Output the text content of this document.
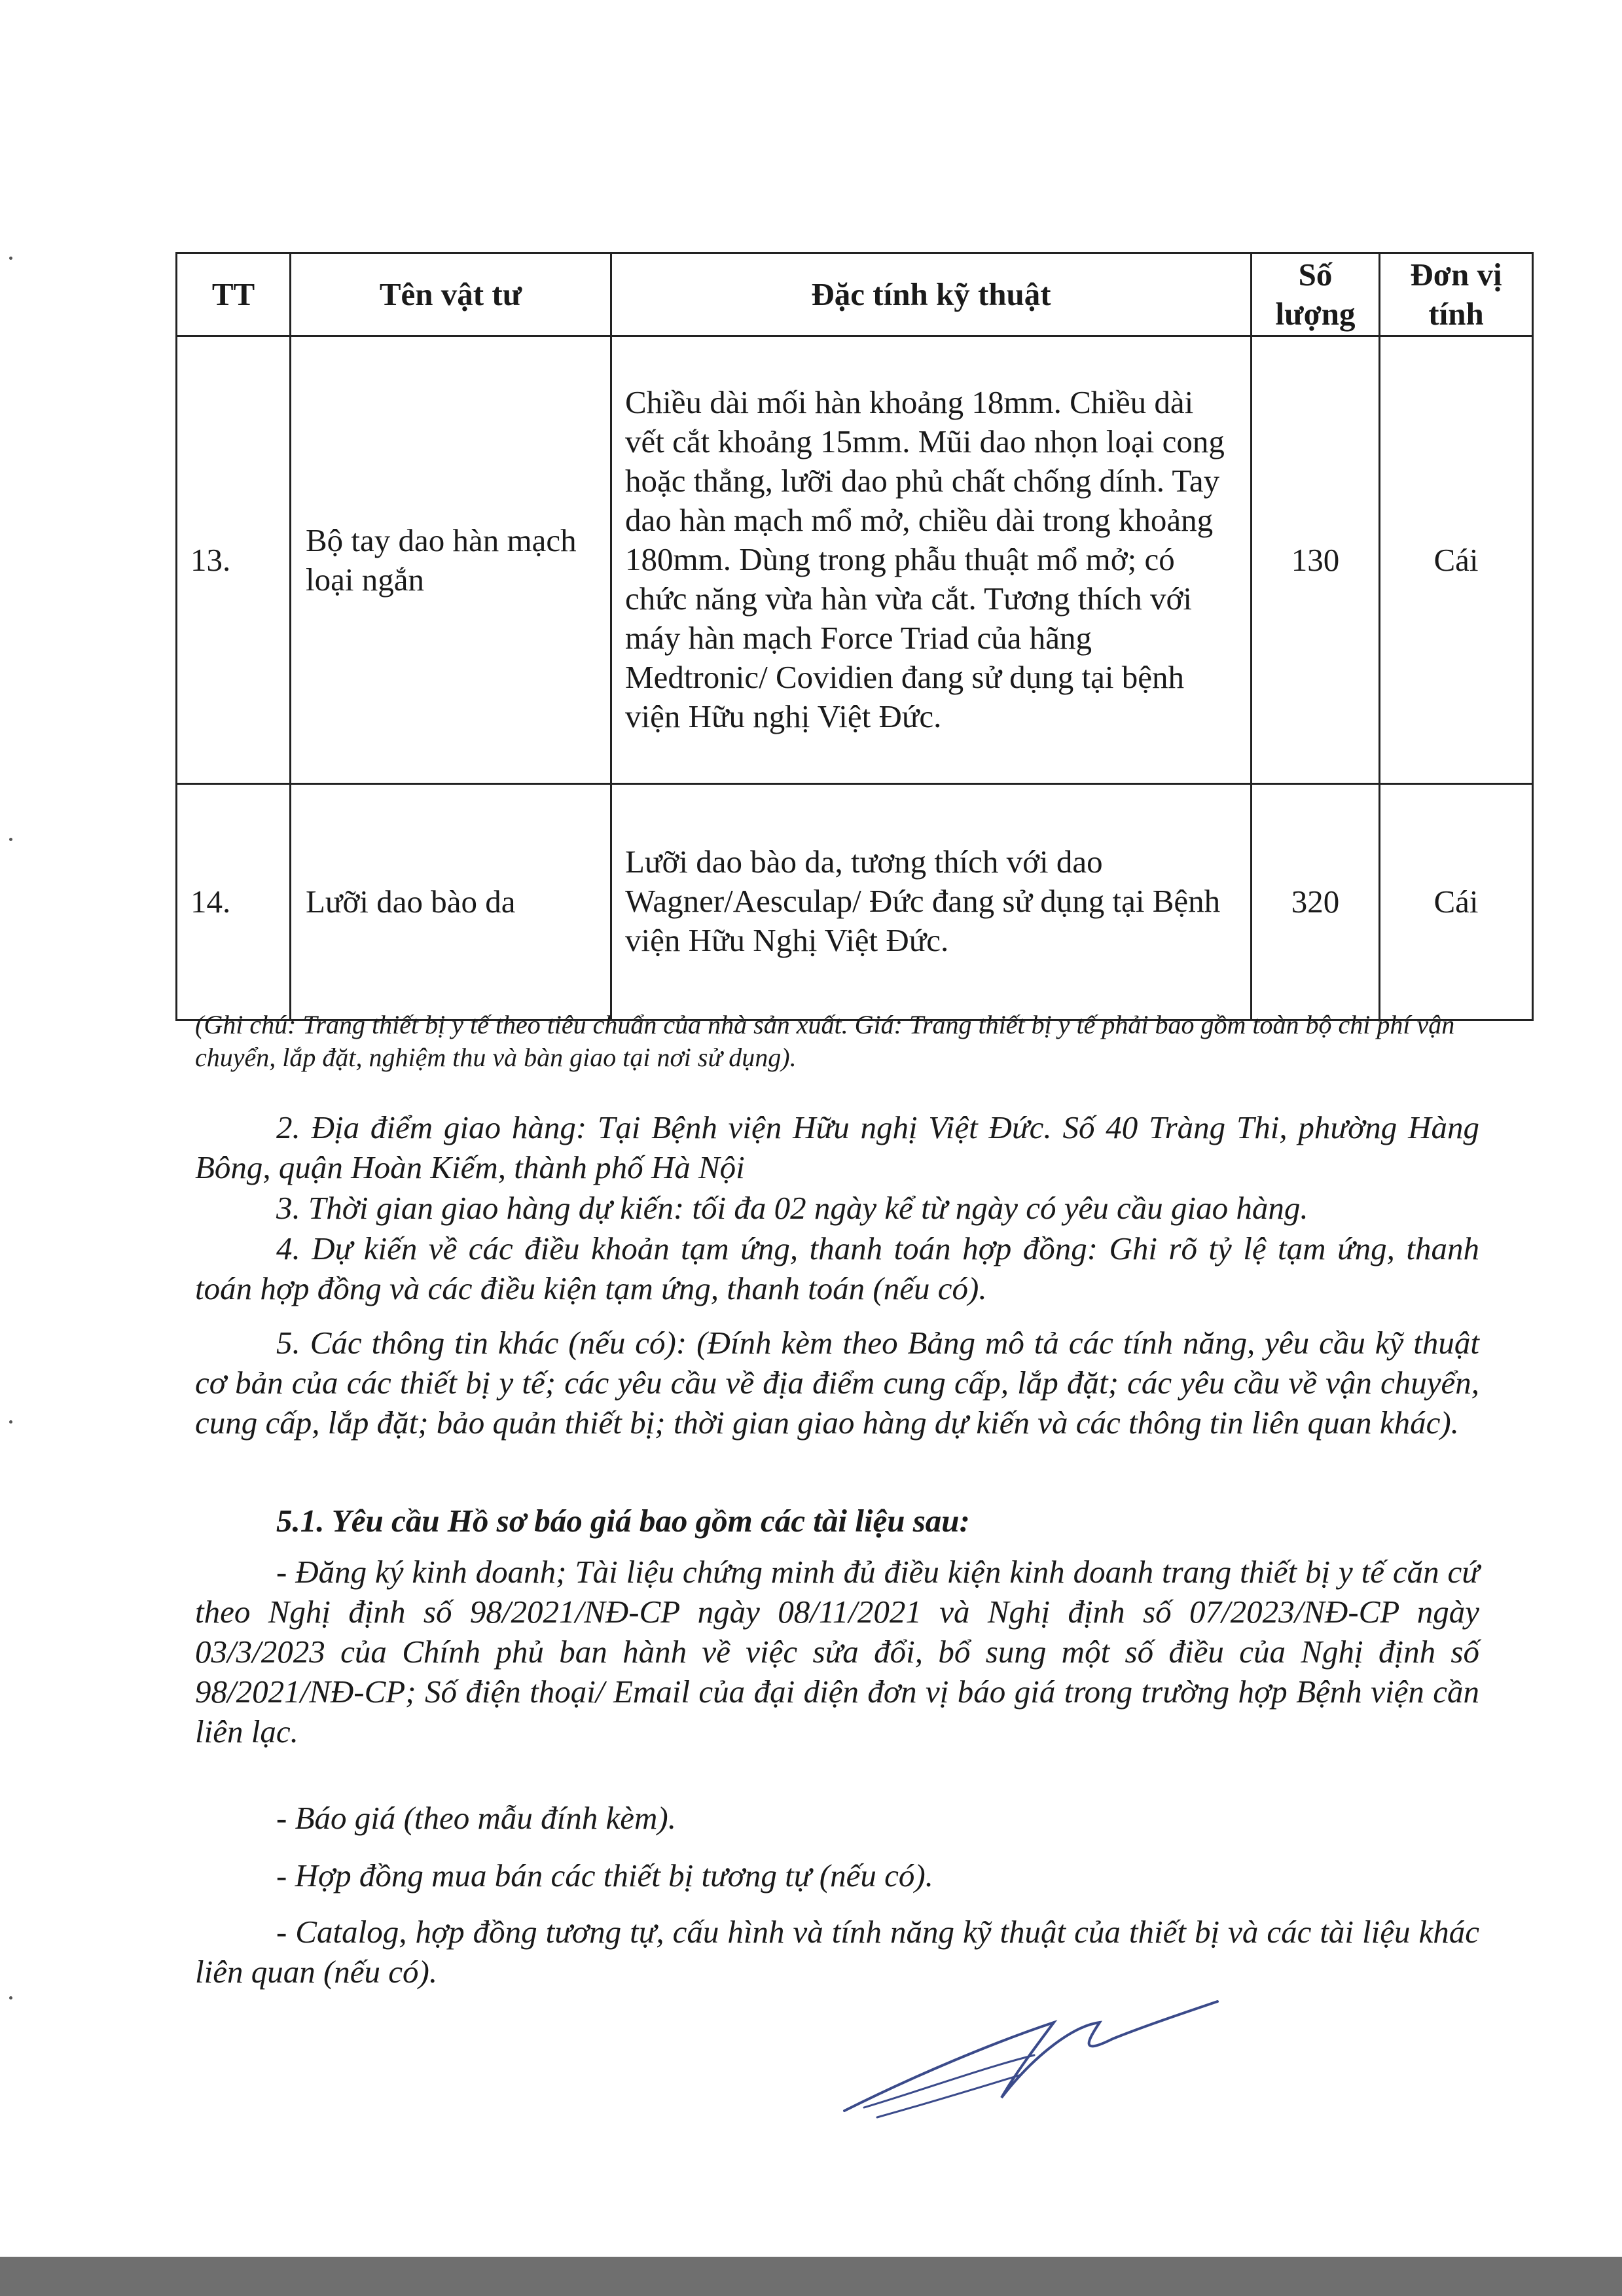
TT	Tên vật tư	Đặc tính kỹ thuật	Số lượng	Đơn vị tính
13.	Bộ tay dao hàn mạch loại ngắn	Chiều dài mối hàn khoảng 18mm. Chiều dài vết cắt khoảng 15mm. Mũi dao nhọn loại cong hoặc thẳng, lưỡi dao phủ chất chống dính. Tay dao hàn mạch mổ mở, chiều dài trong khoảng 180mm. Dùng trong phẫu thuật mổ mở; có chức năng vừa hàn vừa cắt. Tương thích với máy hàn mạch Force Triad của hãng Medtronic/ Covidien đang sử dụng tại bệnh viện Hữu nghị Việt Đức.	130	Cái
14.	Lưỡi dao bào da	Lưỡi dao bào da, tương thích với dao Wagner/Aesculap/ Đức đang sử dụng tại Bệnh viện Hữu Nghị Việt Đức.	320	Cái
(Ghi chú: Trang thiết bị y tế theo tiêu chuẩn của nhà sản xuất. Giá: Trang thiết bị y tế phải bao gồm toàn bộ chi phí vận chuyển, lắp đặt, nghiệm thu và bàn giao tại nơi sử dụng).
2. Địa điểm giao hàng: Tại Bệnh viện Hữu nghị Việt Đức. Số 40 Tràng Thi, phường Hàng Bông, quận Hoàn Kiếm, thành phố Hà Nội
3. Thời gian giao hàng dự kiến: tối đa 02 ngày kể từ ngày có yêu cầu giao hàng.
4. Dự kiến về các điều khoản tạm ứng, thanh toán hợp đồng: Ghi rõ tỷ lệ tạm ứng, thanh toán hợp đồng và các điều kiện tạm ứng, thanh toán (nếu có).
5. Các thông tin khác (nếu có): (Đính kèm theo Bảng mô tả các tính năng, yêu cầu kỹ thuật cơ bản của các thiết bị y tế; các yêu cầu về địa điểm cung cấp, lắp đặt; các yêu cầu về vận chuyển, cung cấp, lắp đặt; bảo quản thiết bị; thời gian giao hàng dự kiến và các thông tin liên quan khác).
5.1. Yêu cầu Hồ sơ báo giá bao gồm các tài liệu sau:
- Đăng ký kinh doanh; Tài liệu chứng minh đủ điều kiện kinh doanh trang thiết bị y tế căn cứ theo Nghị định số 98/2021/NĐ-CP ngày 08/11/2021 và Nghị định số 07/2023/NĐ-CP ngày 03/3/2023 của Chính phủ ban hành về việc sửa đổi, bổ sung một số điều của Nghị định số 98/2021/NĐ-CP; Số điện thoại/ Email của đại diện đơn vị báo giá trong trường hợp Bệnh viện cần liên lạc.
- Báo giá (theo mẫu đính kèm).
- Hợp đồng mua bán các thiết bị tương tự (nếu có).
- Catalog, hợp đồng tương tự, cấu hình và tính năng kỹ thuật của thiết bị và các tài liệu khác liên quan (nếu có).
